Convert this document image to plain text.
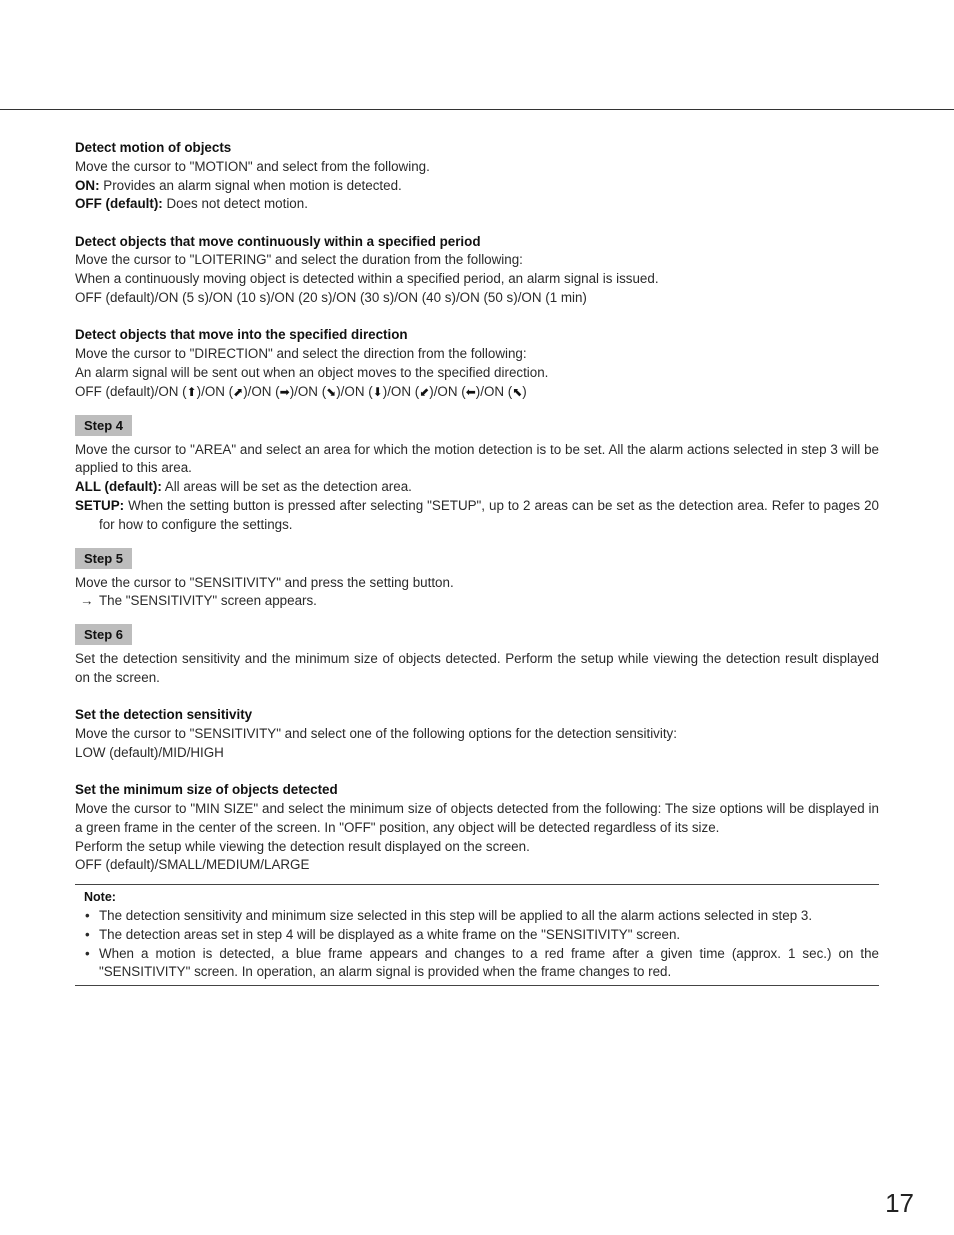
Detect motion of objects

Move the cursor to "MOTION" and select from the following.

ON: Provides an alarm signal when motion is detected.

OFF (default): Does not detect motion.

Detect objects that move continuously within a specified period

Move the cursor to "LOITERING" and select the duration from the following:

When a continuously moving object is detected within a specified period, an alarm signal is issued.

OFF (default)/ON (5 s)/ON (10 s)/ON (20 s)/ON (30 s)/ON (40 s)/ON (50 s)/ON (1 min)

Detect objects that move into the specified direction

Move the cursor to "DIRECTION" and select the direction from the following:

An alarm signal will be sent out when an object moves to the specified direction.

OFF (default)/ON (⬆)/ON (⬈)/ON (➡)/ON (⬊)/ON (⬇)/ON (⬋)/ON (⬅)/ON (⬉)

Step 4

Move the cursor to "AREA" and select an area for which the motion detection is to be set. All the alarm actions selected in step 3 will be applied to this area.

ALL (default): All areas will be set as the detection area.

SETUP: When the setting button is pressed after selecting "SETUP", up to 2 areas can be set as the detection area. Refer to pages 20 for how to configure the settings.

Step 5

Move the cursor to "SENSITIVITY" and press the setting button.

→ The "SENSITIVITY" screen appears.

Step 6

Set the detection sensitivity and the minimum size of objects detected. Perform the setup while viewing the detection result displayed on the screen.

Set the detection sensitivity

Move the cursor to "SENSITIVITY" and select one of the following options for the detection sensitivity:

LOW (default)/MID/HIGH

Set the minimum size of objects detected

Move the cursor to "MIN SIZE" and select the minimum size of objects detected from the following: The size options will be displayed in a green frame in the center of the screen. In "OFF" position, any object will be detected regardless of its size.

Perform the setup while viewing the detection result displayed on the screen.

OFF (default)/SMALL/MEDIUM/LARGE

Note:

• The detection sensitivity and minimum size selected in this step will be applied to all the alarm actions selected in step 3.

• The detection areas set in step 4 will be displayed as a white frame on the "SENSITIVITY" screen.

• When a motion is detected, a blue frame appears and changes to a red frame after a given time (approx. 1 sec.) on the "SENSITIVITY" screen. In operation, an alarm signal is provided when the frame changes to red.

17
